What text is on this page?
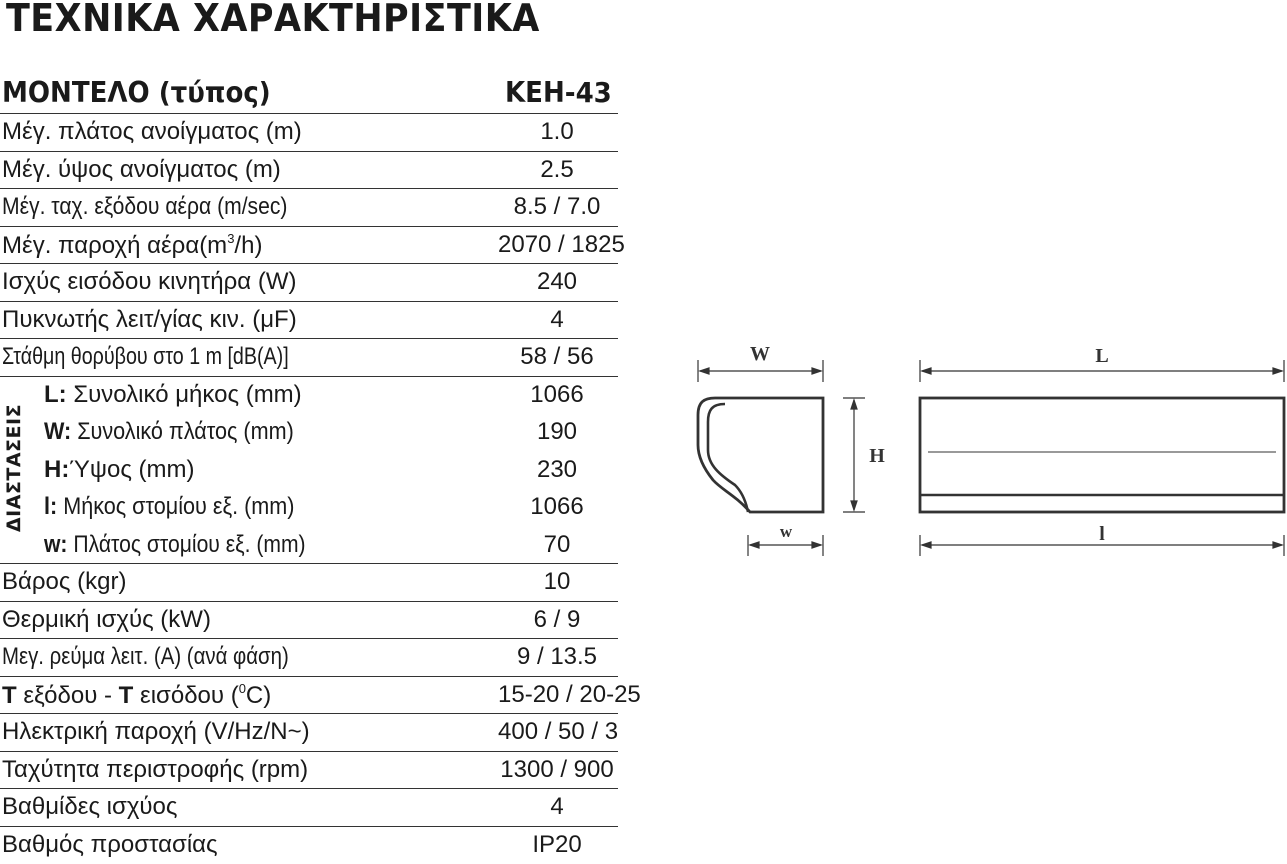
ΤΕΧΝΙΚΑ ΧΑΡΑΚΤΗΡΙΣΤΙΚΑ
ΜΟΝΤΕΛΟ (τύπος)	ΚΕΗ-43
Μέγ. πλάτος ανοίγματος (m)	1.0
Μέγ. ύψος ανοίγματος (m)	2.5
Μέγ. ταχ. εξόδου αέρα (m/sec)	8.5 / 7.0
Μέγ. παροχή $\alpha έ\rho\alpha(m^3/h)$	2070 / 1825
Ισχύς εισόδου κινητήρα (W)	240
Πυκνωτής λειτ/γίας κιν. (μF)	4
Στάθμη θορύβου στο 1 m [dB(A)]	58 / 56
ΔΙΑΣΤΑΣΕΙΣ
L: Συνολικό μήκος (mm)	1066
W: Συνολικό πλάτος (mm)	190
H:Ύψος (mm)	230
l: Μήκος στομίου εξ. (mm)	1066
w: Πλάτος στομίου εξ. (mm)	70
Βάρος (kgr)	10
Θερμική ισχύς (kW)	6 / 9
Μεγ. ρεύμα λειτ. (A) (ανά φάση)	9 / 13.5
Τ εξόδου - Τ εισόδου ($^0$C)	15-20 / 20-25
Ηλεκτρική παροχή (V/Hz/N~)	400 / 50 / 3
Ταχύτητα περιστροφής (rpm)	1300 / 900
Βαθμίδες ισχύος	4
Βαθμός προστασίας	IP20
W
w
H
L
l
